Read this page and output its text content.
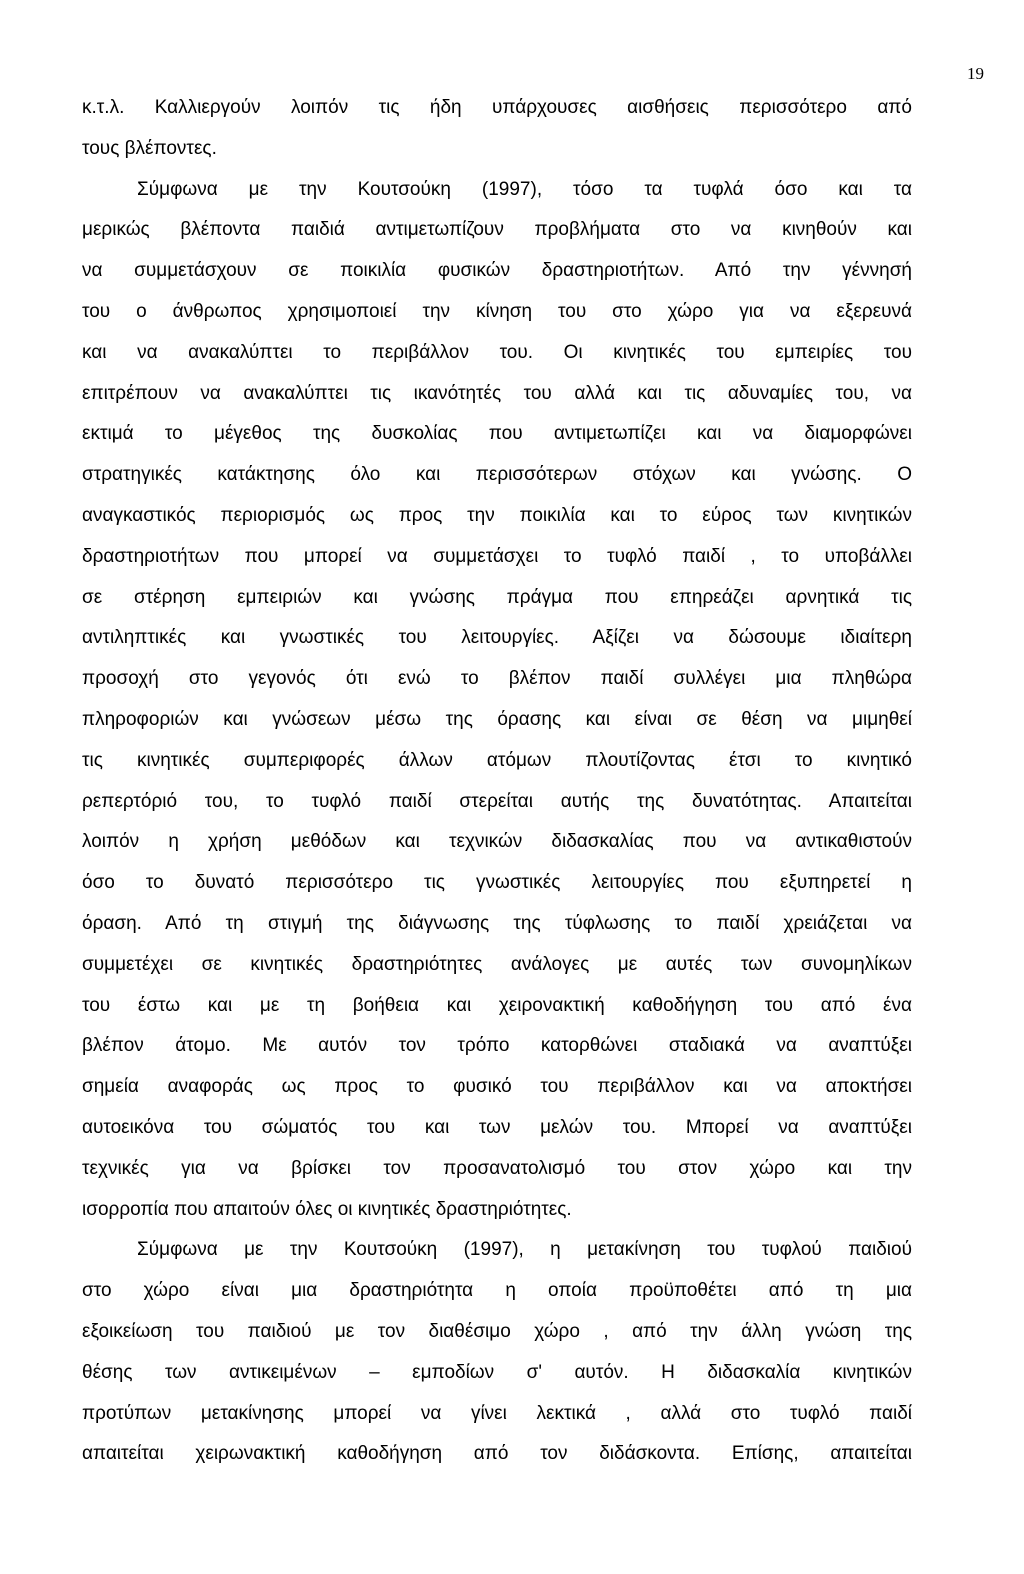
19
κ.τ.λ. Καλλιεργούν λοιπόν τις ήδη υπάρχουσες αισθήσεις περισσότερο από
τους βλέποντες.
Σύμφωνα με την Κουτσούκη (1997), τόσο τα τυφλά όσο και τα
μερικώς βλέποντα παιδιά αντιμετωπίζουν προβλήματα στο να κινηθούν και
να συμμετάσχουν σε ποικιλία φυσικών δραστηριοτήτων. Από την γέννησή
του ο άνθρωπος χρησιμοποιεί την κίνηση του στο χώρο για να εξερευνά
και να ανακαλύπτει το περιβάλλον του. Οι κινητικές του εμπειρίες του
επιτρέπουν να ανακαλύπτει τις ικανότητές του αλλά και τις αδυναμίες του, να
εκτιμά το μέγεθος της δυσκολίας που αντιμετωπίζει και να διαμορφώνει
στρατηγικές κατάκτησης όλο και περισσότερων στόχων και γνώσης. Ο
αναγκαστικός περιορισμός ως προς την ποικιλία και το εύρος των κινητικών
δραστηριοτήτων που μπορεί να συμμετάσχει το τυφλό παιδί , το υποβάλλει
σε στέρηση εμπειριών και γνώσης πράγμα που επηρεάζει αρνητικά τις
αντιληπτικές και γνωστικές του λειτουργίες. Αξίζει να δώσουμε ιδιαίτερη
προσοχή στο γεγονός ότι ενώ το βλέπον παιδί συλλέγει μια πληθώρα
πληροφοριών και γνώσεων μέσω της όρασης και είναι σε θέση να μιμηθεί
τις κινητικές συμπεριφορές άλλων ατόμων πλουτίζοντας έτσι το κινητικό
ρεπερτόριό του, το τυφλό παιδί στερείται αυτής της δυνατότητας. Απαιτείται
λοιπόν η χρήση μεθόδων και τεχνικών διδασκαλίας που να αντικαθιστούν
όσο το δυνατό περισσότερο τις γνωστικές λειτουργίες που εξυπηρετεί η
όραση. Από τη στιγμή της διάγνωσης της τύφλωσης το παιδί χρειάζεται να
συμμετέχει σε κινητικές δραστηριότητες ανάλογες με αυτές των συνομηλίκων
του έστω και με τη βοήθεια και χειρονακτική καθοδήγηση του από ένα
βλέπον άτομο. Με αυτόν τον τρόπο κατορθώνει σταδιακά να αναπτύξει
σημεία αναφοράς ως προς το φυσικό του περιβάλλον και να αποκτήσει
αυτοεικόνα του σώματός του και των μελών του. Μπορεί να αναπτύξει
τεχνικές για να βρίσκει τον προσανατολισμό του στον χώρο και την
ισορροπία που απαιτούν όλες οι κινητικές δραστηριότητες.
Σύμφωνα με την Κουτσούκη (1997), η μετακίνηση του τυφλού παιδιού
στο χώρο είναι μια δραστηριότητα η οποία προϋποθέτει από τη μια
εξοικείωση του παιδιού με τον διαθέσιμο χώρο , από την άλλη γνώση της
θέσης των αντικειμένων – εμποδίων σ' αυτόν. Η διδασκαλία κινητικών
προτύπων μετακίνησης μπορεί να γίνει λεκτικά , αλλά στο τυφλό παιδί
απαιτείται χειρωνακτική καθοδήγηση από τον διδάσκοντα. Επίσης, απαιτείται
